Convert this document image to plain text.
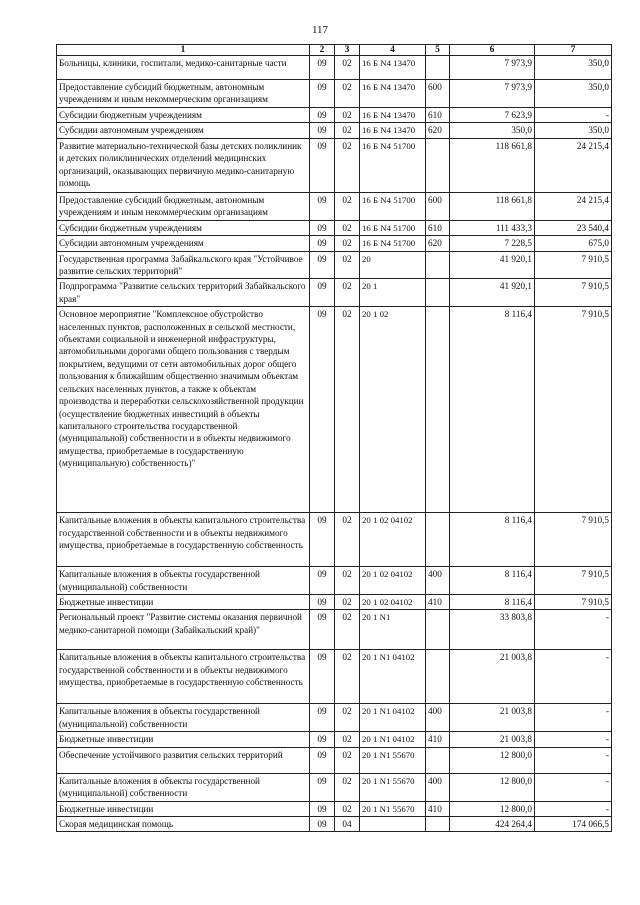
117
1	2	3	4	5	6	7
Больницы, клиники, госпитали, медико-санитарные части	09	02	16 Б N4 13470		7 973,9	350,0
Предоставление субсидий бюджетным, автономным учреждениям и иным некоммерческим организациям	09	02	16 Б N4 13470	600	7 973,9	350,0
Субсидии бюджетным учреждениям	09	02	16 Б N4 13470	610	7 623,9	-
Субсидии автономным учреждениям	09	02	16 Б N4 13470	620	350,0	350,0
Развитие материально-технической базы детских поликлиник и детских поликлинических отделений медицинских организаций, оказывающих первичную медико-санитарную помощь	09	02	16 Б N4 51700		118 661,8	24 215,4
Предоставление субсидий бюджетным, автономным учреждениям и иным некоммерческим организациям	09	02	16 Б N4 51700	600	118 661,8	24 215,4
Субсидии бюджетным учреждениям	09	02	16 Б N4 51700	610	111 433,3	23 540,4
Субсидии автономным учреждениям	09	02	16 Б N4 51700	620	7 228,5	675,0
Государственная программа Забайкальского края "Устойчивое развитие сельских территорий"	09	02	20		41 920,1	7 910,5
Подпрограмма "Развитие сельских территорий Забайкальского края"	09	02	20 1		41 920,1	7 910,5
Основное мероприятие "Комплексное обустройство населенных пунктов, расположенных в сельской местности, объектами социальной и инженерной инфраструктуры, автомобильными дорогами общего пользования с твердым покрытием, ведущими от сети автомобильных дорог общего пользования к ближайшим общественно значимым объектам сельских населенных пунктов, а также к объектам производства и переработки сельскохозяйственной продукции (осуществление бюджетных инвестиций в объекты капитального строительства государственной (муниципальной) собственности и в объекты недвижимого имущества, приобретаемые в государственную (муниципальную) собственность)"	09	02	20 1 02		8 116,4	7 910,5
Капитальные вложения в объекты капитального строительства государственной собственности и в объекты недвижимого имущества, приобретаемые в государственную собственность	09	02	20 1 02 04102		8 116,4	7 910,5
Капитальные вложения в объекты государственной (муниципальной) собственности	09	02	20 1 02 04102	400	8 116,4	7 910,5
Бюджетные инвестиции	09	02	20 1 02 04102	410	8 116,4	7 910,5
Региональный проект "Развитие системы оказания первичной медико-санитарной помощи (Забайкальский край)"	09	02	20 1 N1		33 803,8	-
Капитальные вложения в объекты капитального строительства государственной собственности и в объекты недвижимого имущества, приобретаемые в государственную собственность	09	02	20 1 N1 04102		21 003,8	-
Капитальные вложения в объекты государственной (муниципальной) собственности	09	02	20 1 N1 04102	400	21 003,8	-
Бюджетные инвестиции	09	02	20 1 N1 04102	410	21 003,8	-
Обеспечение устойчивого развития сельских территорий	09	02	20 1 N1 55670		12 800,0	-
Капитальные вложения в объекты государственной (муниципальной) собственности	09	02	20 1 N1 55670	400	12 800,0	-
Бюджетные инвестиции	09	02	20 1 N1 55670	410	12 800,0	-
Скорая медицинская помощь	09	04			424 264,4	174 066,5
